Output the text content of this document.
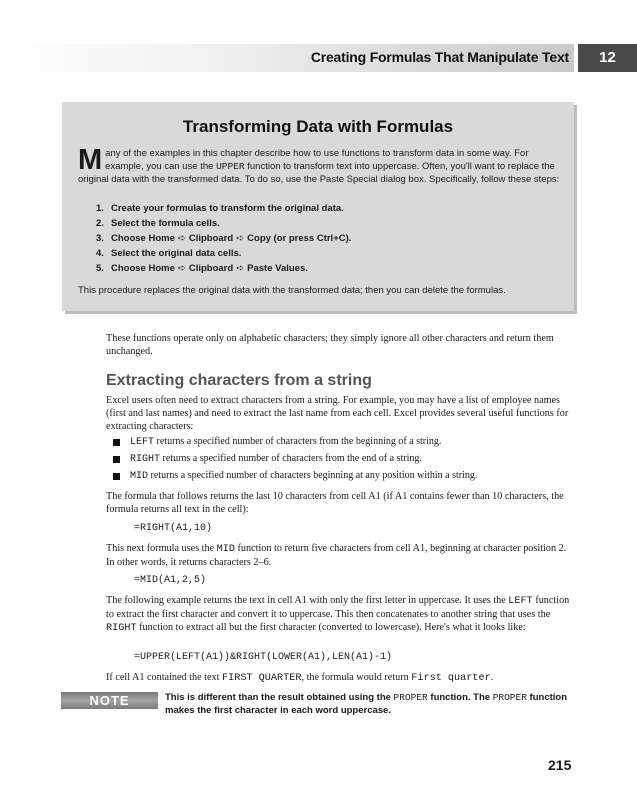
Creating Formulas That Manipulate Text	12
Transforming Data with Formulas
Many of the examples in this chapter describe how to use functions to transform data in some way. For example, you can use the UPPER function to transform text into uppercase. Often, you'll want to replace the original data with the transformed data. To do so, use the Paste Special dialog box. Specifically, follow these steps:
1. Create your formulas to transform the original data.
2. Select the formula cells.
3. Choose Home ➪ Clipboard ➪ Copy (or press Ctrl+C).
4. Select the original data cells.
5. Choose Home ➪ Clipboard ➪ Paste Values.
This procedure replaces the original data with the transformed data; then you can delete the formulas.
These functions operate only on alphabetic characters; they simply ignore all other characters and return them unchanged.
Extracting characters from a string
Excel users often need to extract characters from a string. For example, you may have a list of employee names (first and last names) and need to extract the last name from each cell. Excel provides several useful functions for extracting characters:
LEFT returns a specified number of characters from the beginning of a string.
RIGHT returns a specified number of characters from the end of a string.
MID returns a specified number of characters beginning at any position within a string.
The formula that follows returns the last 10 characters from cell A1 (if A1 contains fewer than 10 characters, the formula returns all text in the cell):
=RIGHT(A1,10)
This next formula uses the MID function to return five characters from cell A1, beginning at character position 2. In other words, it returns characters 2–6.
=MID(A1,2,5)
The following example returns the text in cell A1 with only the first letter in uppercase. It uses the LEFT function to extract the first character and convert it to uppercase. This then concatenates to another string that uses the RIGHT function to extract all but the first character (converted to lowercase). Here's what it looks like:
=UPPER(LEFT(A1))&RIGHT(LOWER(A1),LEN(A1)-1)
If cell A1 contained the text FIRST QUARTER, the formula would return First quarter.
NOTE	This is different than the result obtained using the PROPER function. The PROPER function makes the first character in each word uppercase.
215
